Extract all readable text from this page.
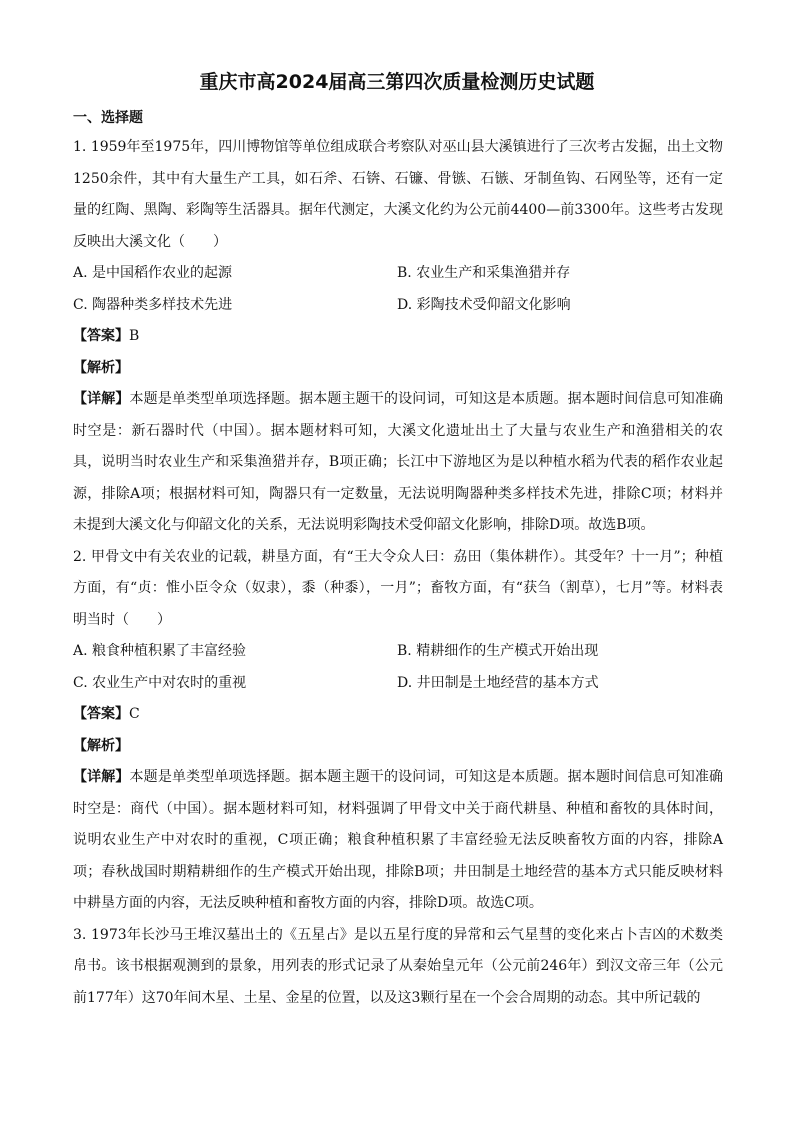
重庆市高2024届高三第四次质量检测历史试题
一、选择题

1. 1959年至1975年，四川博物馆等单位组成联合考察队对巫山县大溪镇进行了三次考古发掘，出土文物1250余件，其中有大量生产工具，如石斧、石锛、石镰、骨镞、石镞、牙制鱼钩、石网坠等，还有一定量的红陶、黑陶、彩陶等生活器具。据年代测定，大溪文化约为公元前4400—前3300年。这些考古发现反映出大溪文化（　　）

A. 是中国稻作农业的起源	B. 农业生产和采集渔猎并存
C. 陶器种类多样技术先进	D. 彩陶技术受仰韶文化影响
【答案】B
【解析】

【详解】本题是单类型单项选择题。据本题主题干的设问词，可知这是本质题。据本题时间信息可知准确时空是：新石器时代（中国）。据本题材料可知，大溪文化遗址出土了大量与农业生产和渔猎相关的农具，说明当时农业生产和采集渔猎并存，B项正确；长江中下游地区为是以种植水稻为代表的稻作农业起源，排除A项；根据材料可知，陶器只有一定数量，无法说明陶器种类多样技术先进，排除C项；材料并未提到大溪文化与仰韶文化的关系，无法说明彩陶技术受仰韶文化影响，排除D项。故选B项。

2. 甲骨文中有关农业的记载，耕垦方面，有“王大令众人曰：劦田（集体耕作）。其受年？十一月”；种植方面，有“贞：惟小臣令众（奴隶），黍（种黍），一月”；畜牧方面，有“获刍（割草），七月”等。材料表明当时（　　）

A. 粮食种植积累了丰富经验	B. 精耕细作的生产模式开始出现
C. 农业生产中对农时的重视	D. 井田制是土地经营的基本方式
【答案】C
【解析】

【详解】本题是单类型单项选择题。据本题主题干的设问词，可知这是本质题。据本题时间信息可知准确时空是：商代（中国）。据本题材料可知，材料强调了甲骨文中关于商代耕垦、种植和畜牧的具体时间，说明农业生产中对农时的重视，C项正确；粮食种植积累了丰富经验无法反映畜牧方面的内容，排除A项；春秋战国时期精耕细作的生产模式开始出现，排除B项；井田制是土地经营的基本方式只能反映材料中耕垦方面的内容，无法反映种植和畜牧方面的内容，排除D项。故选C项。

3. 1973年长沙马王堆汉墓出土的《五星占》是以五星行度的异常和云气星彗的变化来占卜吉凶的术数类帛书。该书根据观测到的景象，用列表的形式记录了从秦始皇元年（公元前246年）到汉文帝三年（公元前177年）这70年间木星、土星、金星的位置，以及这3颗行星在一个会合周期的动态。其中所记载的
